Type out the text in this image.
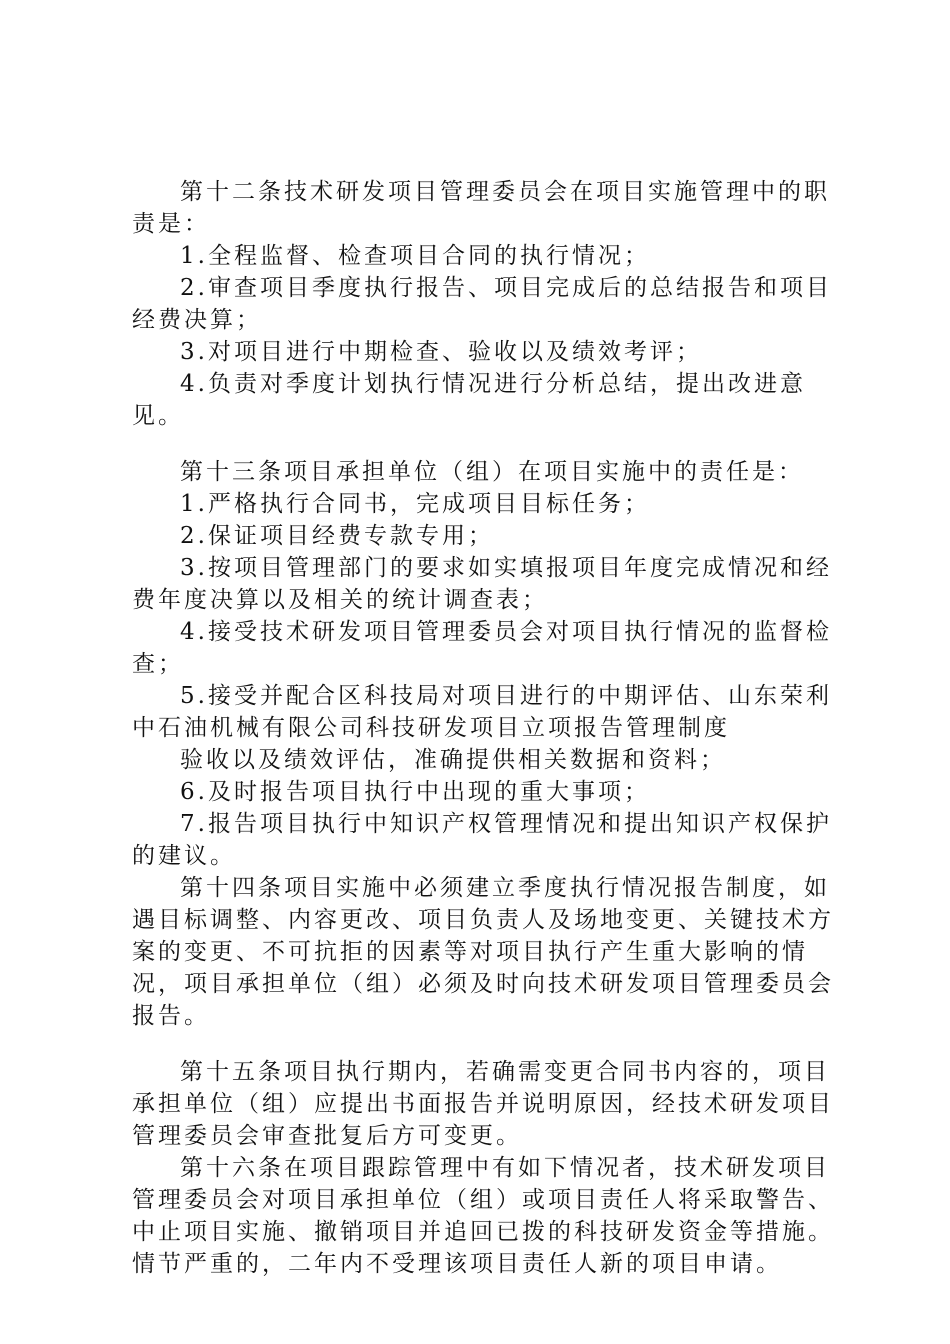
第十二条技术研发项目管理委员会在项目实施管理中的职责是：

1.全程监督、检查项目合同的执行情况；

2.审查项目季度执行报告、项目完成后的总结报告和项目经费决算；

3.对项目进行中期检查、验收以及绩效考评；

4.负责对季度计划执行情况进行分析总结，提出改进意见。

第十三条项目承担单位（组）在项目实施中的责任是：

1.严格执行合同书，完成项目目标任务；

2.保证项目经费专款专用；

3.按项目管理部门的要求如实填报项目年度完成情况和经费年度决算以及相关的统计调查表；

4.接受技术研发项目管理委员会对项目执行情况的监督检查；

5.接受并配合区科技局对项目进行的中期评估、山东荣利中石油机械有限公司科技研发项目立项报告管理制度

验收以及绩效评估，准确提供相关数据和资料；

6.及时报告项目执行中出现的重大事项；

7.报告项目执行中知识产权管理情况和提出知识产权保护的建议。

第十四条项目实施中必须建立季度执行情况报告制度，如遇目标调整、内容更改、项目负责人及场地变更、关键技术方案的变更、不可抗拒的因素等对项目执行产生重大影响的情况，项目承担单位（组）必须及时向技术研发项目管理委员会报告。

第十五条项目执行期内，若确需变更合同书内容的，项目承担单位（组）应提出书面报告并说明原因，经技术研发项目管理委员会审查批复后方可变更。

第十六条在项目跟踪管理中有如下情况者，技术研发项目管理委员会对项目承担单位（组）或项目责任人将采取警告、中止项目实施、撤销项目并追回已拨的科技研发资金等措施。情节严重的，二年内不受理该项目责任人新的项目申请。
